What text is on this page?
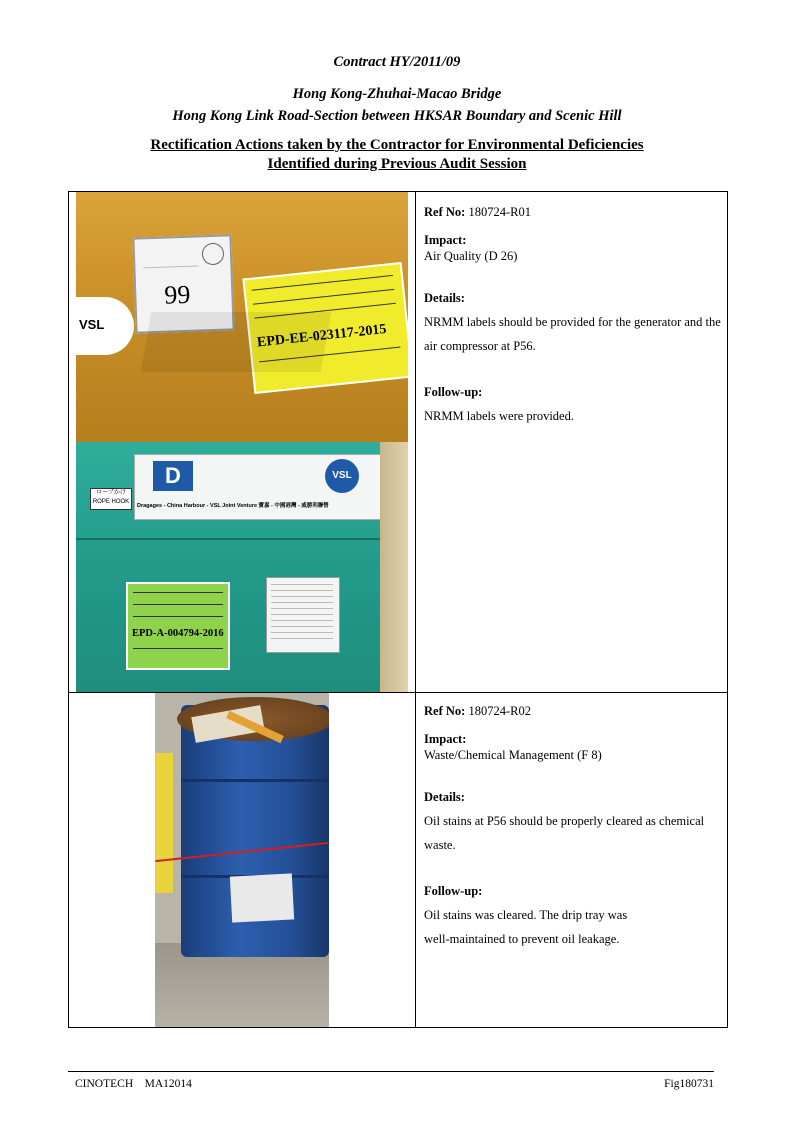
Contract HY/2011/09
Hong Kong-Zhuhai-Macao Bridge
Hong Kong Link Road-Section between HKSAR Boundary and Scenic Hill
Rectification Actions taken by the Contractor for Environmental Deficiencies
Identified during Previous Audit Session
VSL
99
EPD-EE-023117-2015
D	VSL
Dragages - China Harbour - VSL Joint Venture 寶嘉 - 中國港灣 - 威勝利聯營
ロープかけ ROPE HOOK
EPD-A-004794-2016
Ref No: 180724-R01
Impact:
Air Quality (D 26)
Details:
NRMM labels should be provided for the generator and the air compressor at P56.
Follow-up:
NRMM labels were provided.
Ref No: 180724-R02
Impact:
Waste/Chemical Management (F 8)
Details:
Oil stains at P56 should be properly cleared as chemical
waste.
Follow-up:
Oil stains was cleared. The drip tray was
well-maintained to prevent oil leakage.
CINOTECH    MA12014	Fig180731
